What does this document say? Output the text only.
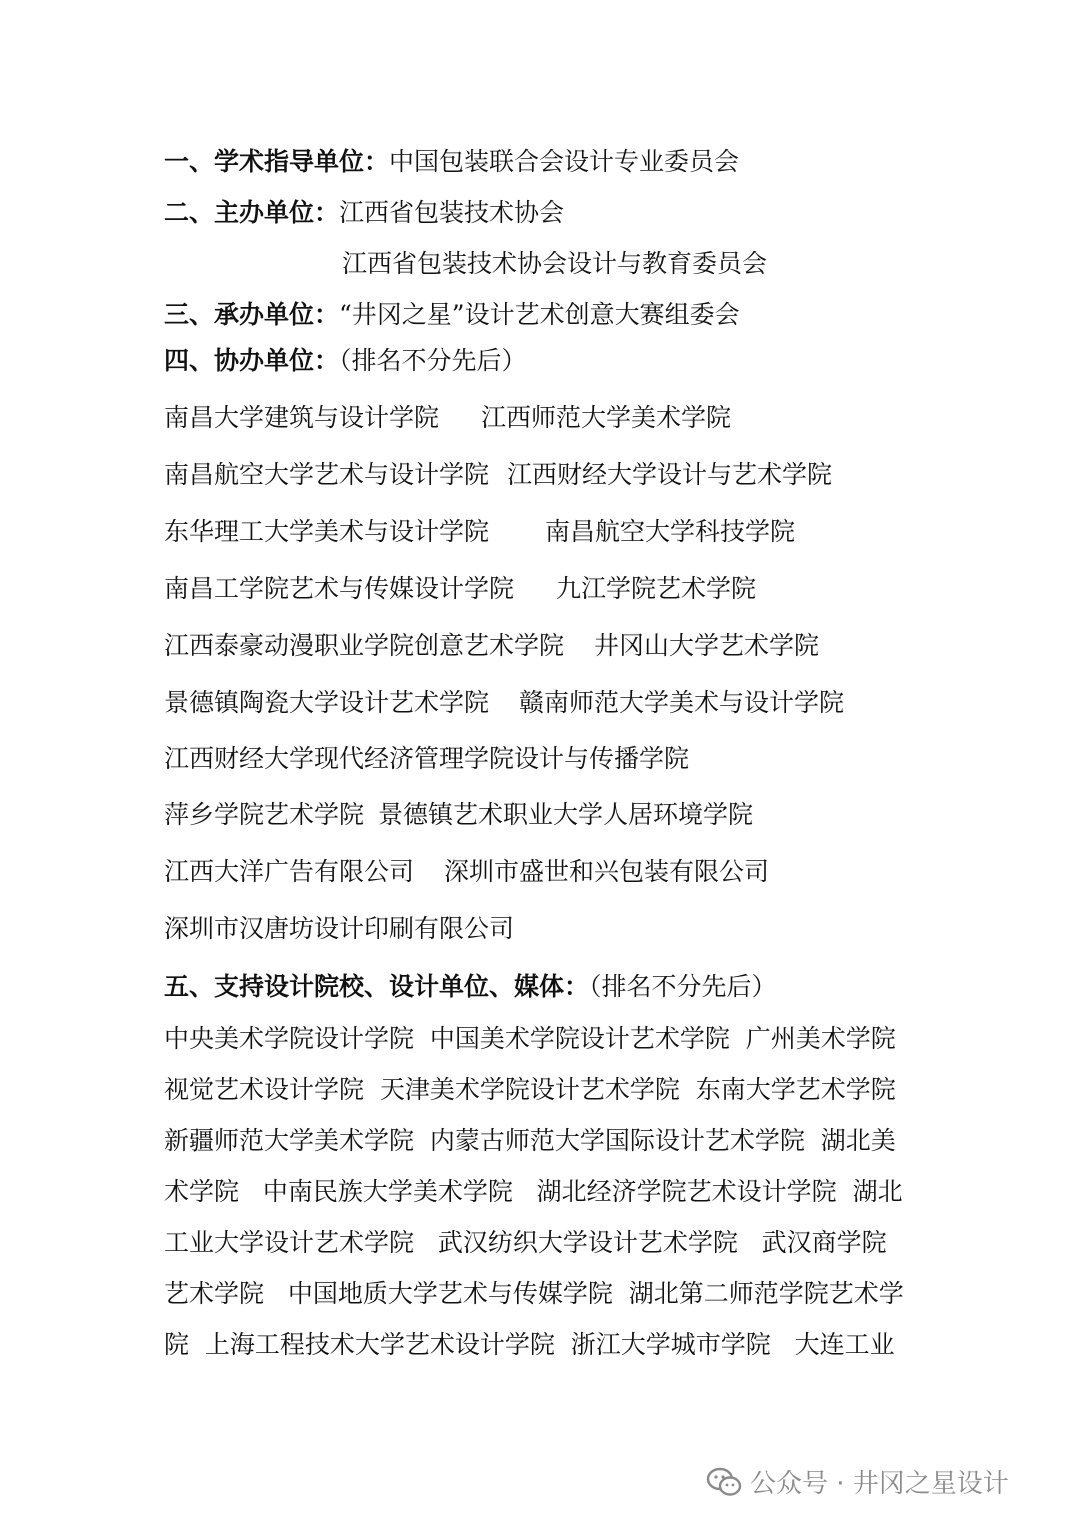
一、学术指导单位：中国包装联合会设计专业委员会
二、主办单位：江西省包装技术协会
江西省包装技术协会设计与教育委员会
三、承办单位：“井冈之星”设计艺术创意大赛组委会
四、协办单位：（排名不分先后）
南昌大学建筑与设计学院 江西师范大学美术学院
南昌航空大学艺术与设计学院 江西财经大学设计与艺术学院
东华理工大学美术与设计学院 南昌航空大学科技学院
南昌工学院艺术与传媒设计学院 九江学院艺术学院
江西泰豪动漫职业学院创意艺术学院 井冈山大学艺术学院
景德镇陶瓷大学设计艺术学院 赣南师范大学美术与设计学院
江西财经大学现代经济管理学院设计与传播学院
萍乡学院艺术学院 景德镇艺术职业大学人居环境学院
江西大洋广告有限公司 深圳市盛世和兴包装有限公司
深圳市汉唐坊设计印刷有限公司
五、支持设计院校、设计单位、媒体：（排名不分先后）
中央美术学院设计学院  中国美术学院设计艺术学院  广州美术学院
视觉艺术设计学院  天津美术学院设计艺术学院  东南大学艺术学院
新疆师范大学美术学院  内蒙古师范大学国际设计艺术学院  湖北美
术学院   中南民族大学美术学院   湖北经济学院艺术设计学院  湖北
工业大学设计艺术学院   武汉纺织大学设计艺术学院   武汉商学院
艺术学院   中国地质大学艺术与传媒学院  湖北第二师范学院艺术学
院  上海工程技术大学艺术设计学院  浙江大学城市学院   大连工业
公众号 · 井冈之星设计
